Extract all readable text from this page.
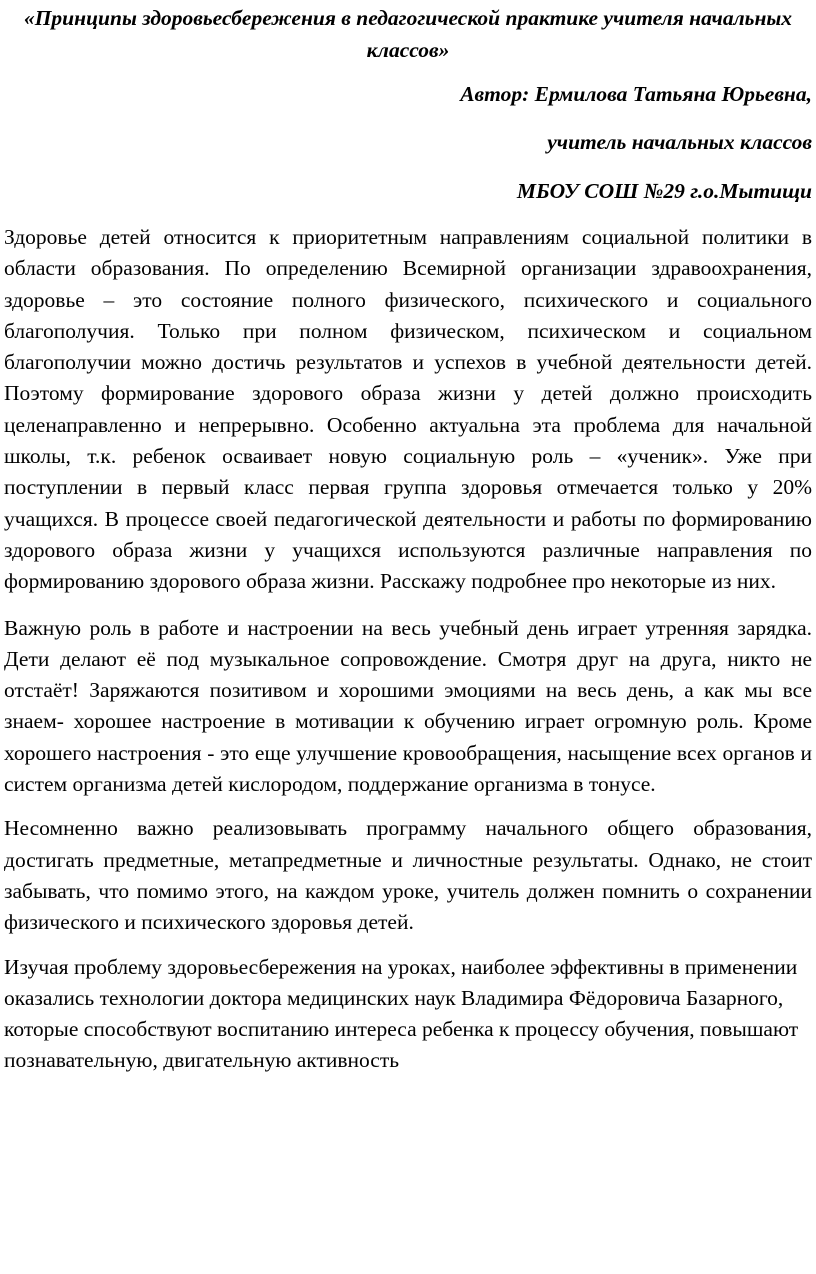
«Принципы здоровьесбережения в педагогической практике учителя начальных классов»

Автор: Ермилова Татьяна Юрьевна,

учитель начальных классов

МБОУ СОШ №29 г.о.Мытищи

Здоровье детей относится к приоритетным направлениям социальной политики в области образования. По определению Всемирной организации здравоохранения, здоровье – это состояние полного физического, психического и социального благополучия. Только при полном физическом, психическом и социальном благополучии можно достичь результатов и успехов в учебной деятельности детей. Поэтому формирование здорового образа жизни у детей должно происходить целенаправленно и непрерывно. Особенно актуальна эта проблема для начальной школы, т.к. ребенок осваивает новую социальную роль – «ученик». Уже при поступлении в первый класс первая группа здоровья отмечается только у 20% учащихся. В процессе своей педагогической деятельности и работы по формированию здорового образа жизни у учащихся используются различные направления по формированию здорового образа жизни. Расскажу подробнее про некоторые из них.

Важную роль в работе и настроении на весь учебный день играет утренняя зарядка. Дети делают её под музыкальное сопровождение. Смотря друг на друга, никто не отстаёт! Заряжаются позитивом и хорошими эмоциями на весь день, а как мы все знаем- хорошее настроение в мотивации к обучению играет огромную роль. Кроме хорошего настроения - это еще улучшение кровообращения, насыщение всех органов и систем организма детей кислородом, поддержание организма в тонусе.

Несомненно важно реализовывать программу начального общего образования, достигать предметные, метапредметные и личностные результаты. Однако, не стоит забывать, что помимо этого, на каждом уроке, учитель должен помнить о сохранении физического и психического здоровья детей.

Изучая проблему здоровьесбережения на уроках, наиболее эффективны в применении оказались технологии доктора медицинских наук Владимира Фёдоровича Базарного, которые способствуют воспитанию интереса ребенка к процессу обучения, повышают познавательную, двигательную активность
